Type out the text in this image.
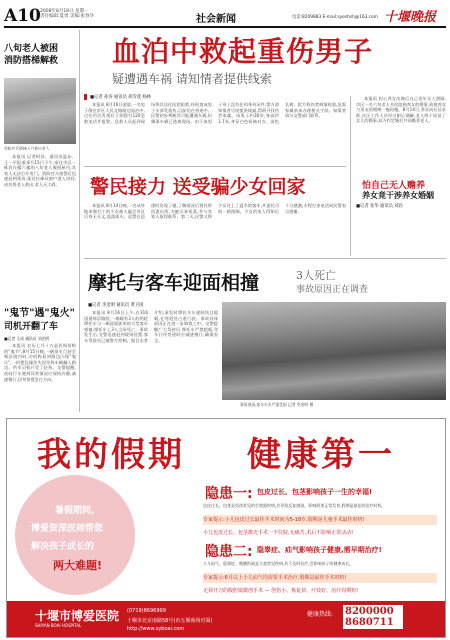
A10 2008年8月18日 星期一
责任编辑:夏勇 美编:张春华	社会新闻	电话:8209883 E-mail:syeshsh@163.com 十堰晚报
八旬老人被困
消防搭梯解救
消防官兵搭梯入户救出老人

本报讯 记者柯昌、通讯员温东、王一平报道:8月15日下午,家住市区一栋居民楼六楼的八旬老人被困屋内,其家人无法打开房门。消防官兵接警后迅速赶到现场,架设拉梯从窗户进入房间,成功将老人救出,老人无大碍。

"鬼节"遇"鬼火"
司机开翻了车
■记者 王成 通讯员 刘光明

本报讯 农历七月十五是民间俗称的"鬼节",8月15日晚,一辆货车行驶至郧县境内时,司机称看到路边闪现"鬼火",一时慌乱操作失误导致车辆翻入路边。所幸司机只受了轻伤。交警提醒,夜间行车遇到异常情况应保持冷静,减速慢行,切勿惊慌急打方向。

血泊中救起重伤男子
疑遭遇车祸 请知情者提供线索
■记者 孙涛 通讯员 胡雪莲 杨林

本报讯 8月16日凌晨,一名男子倒在市区人民北路路边血泊中,过往市民发现后立即拨打120急救电话并报警。急救人员赶到现场将其送往医院抢救,经检查该男子头部受重伤,目前仍在昏迷中。民警初步判断其可能遭遇车祸,但肇事车辆已逃离现场。由于该男子身上没有任何身份证件,警方请知情者尽快提供线索,帮助寻找伤者家属。该男子约30岁,身高约1.7米,身穿白色短袖衬衣、深色长裤。院方称伤者病情较重,急需家属前来办理相关手续。知情者请与交警部门联系。

本报讯 担心养女出嫁后自己老年无人照顾,市区一名六旬老人多次阻挠养女的婚事,致使养女与男友的婚期一拖再拖。8月14日,养女向社区求助,社区工作人员经过耐心调解,老人终于同意了女儿的婚事,双方约定婚后共同赡养老人。

警民接力 送受骗少女回家

本报讯 8月14日晚,一名从外地来堰打工的少女被人骗至市区后身无分文,流落街头。巡警在巡逻时发现了她,了解情况后将其带回派出所,为她买来饭菜,并与其家人取得联系。第二天,民警又将少女送上了返乡的客车,并委托司机一路照顾。少女的家人得知后十分感激,专程打来电话向民警表示感谢。

怕自己无人赡养
养女竟干涉养女婚姻
■记者 张华 通讯员 刘昌
摩托与客车迎面相撞	3人死亡
事故原因正在调查
■记者 李金明 通讯员 黄卫国

本报讯 8月16日上午,在316国道郧县路段,一辆载有3人的两轮摩托车与一辆迎面驶来的大型客车相撞,摩托车上3人当场死亡。事故发生后,交警迅速赶到现场处置,客车驾驶员已被警方控制。据目击者介绍,事发时摩托车车速较快且超载,在弯道处占道行驶。事故具体原因正在进一步调查之中。交警提醒广大驾驶员,摩托车严禁超载,驾车行经弯道时应减速慢行,确保安全。

事故现场,客车车头严重受损 记者 李金明 摄
我的假期 健康第一
暑假期间,
博爱资深医师帮您
解决孩子成长的
两大难题!
隐患一: 包皮过长、包茎影响孩子一生的幸福!
包皮过长、包茎是男孩常见的生殖器疾病,会导致反复感染、影响阴茎正常发育,假期是最佳的治疗时机。
专家提示:小儿包皮过长最佳手术时间为5-18岁,假期是儿童手术最佳时机!
小儿包皮过长、包茎激光手术一不住院,无痛苦,术后不影响正常活动!
隐患二: 隐睾症、疝气影响孩子健康,需早期治疗!
小儿疝气、隐睾症、鞘膜积液是儿童常见疾病,若不及时治疗,会影响孩子的健康成长。
专家提示:6月以上小儿疝气均需要手术治疗,假期是最佳手术时机!
无须开刀的腹腔镜微创手术 — 创伤小、恢复快、疗效好、治疗周期短!
十堰市博爱医院
SHIYAN BOAI HOSPITAL
(0719)8696999
十堰市北京南路58号(市五堰商场对面)
http://www.syboai.com
健康热线: 8200000
8680711
